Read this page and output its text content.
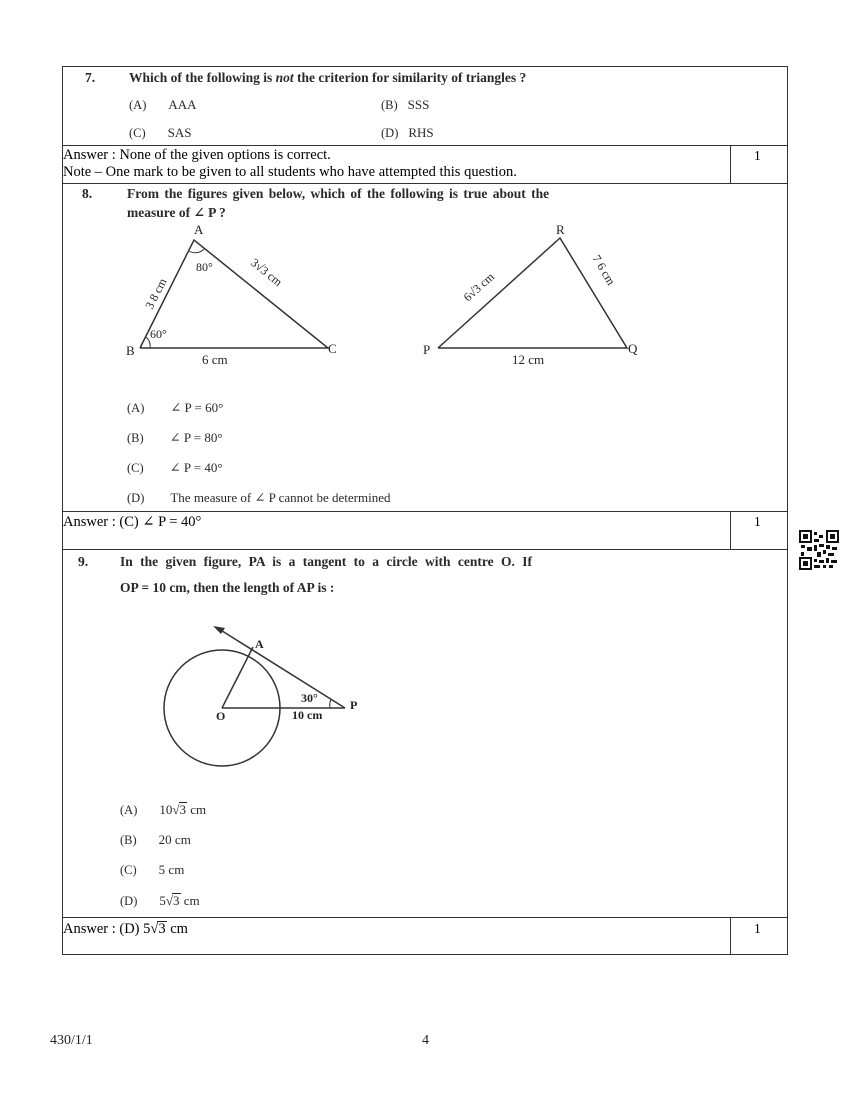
7.	Which of the following is not the criterion for similarity of triangles ?
(A) AAA	(B) SSS
(C) SAS	(D) RHS
Answer : None of the given options is correct.
Note – One mark to be given to all students who have attempted this question.
1
8.	From the figures given below, which of the following is true about the
measure of ∠ P ?
A
B	C
80°
60°
6 cm
3 8 cm
3√3 cm
R
P	Q
12 cm
6√3 cm	7 6 cm
(A) ∠ P = 60°
(B) ∠ P = 80°
(C) ∠ P = 40°
(D) The measure of ∠ P cannot be determined
Answer : (C) ∠ P = 40°	1
9. In the given figure, PA is a tangent to a circle with centre O. If
OP = 10 cm, then the length of AP is :
A
O
P
30°
10 cm
(A) 10√3 cm
(B) 20 cm
(C) 5 cm
(D) 5√3 cm
Answer : (D) 5√3 cm	1
430/1/1	4
